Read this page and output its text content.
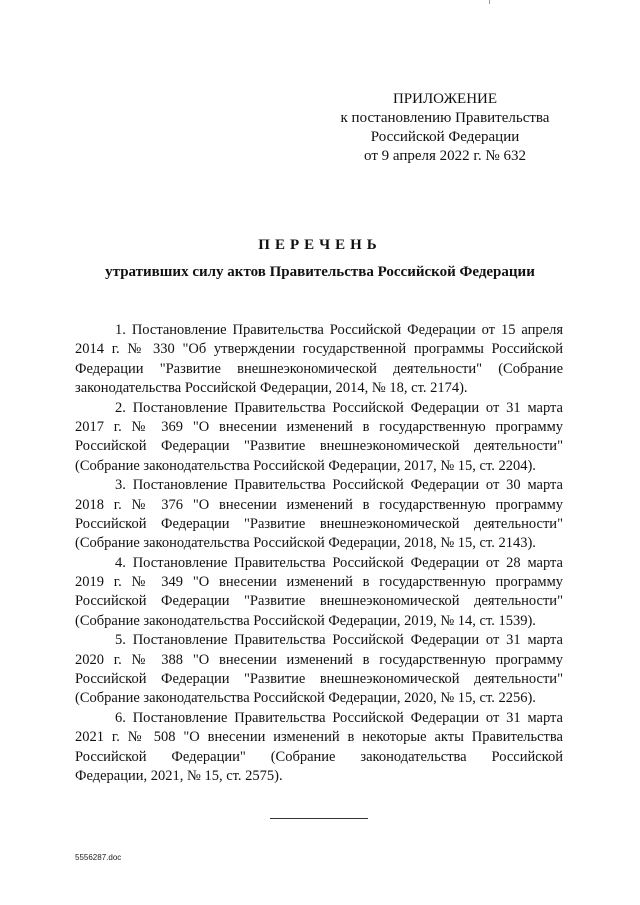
ПРИЛОЖЕНИЕ
к постановлению Правительства
Российской Федерации
от 9 апреля 2022 г. № 632
ПЕРЕЧЕНЬ
утративших силу актов Правительства Российской Федерации
1. Постановление Правительства Российской Федерации от 15 апреля
2014 г. № 330 "Об утверждении государственной программы Российской
Федерации "Развитие внешнеэкономической деятельности" (Собрание
законодательства Российской Федерации, 2014, № 18, ст. 2174).
2. Постановление Правительства Российской Федерации от 31 марта
2017 г. № 369 "О внесении изменений в государственную программу
Российской Федерации "Развитие внешнеэкономической деятельности"
(Собрание законодательства Российской Федерации, 2017, № 15, ст. 2204).
3. Постановление Правительства Российской Федерации от 30 марта
2018 г. № 376 "О внесении изменений в государственную программу
Российской Федерации "Развитие внешнеэкономической деятельности"
(Собрание законодательства Российской Федерации, 2018, № 15, ст. 2143).
4. Постановление Правительства Российской Федерации от 28 марта
2019 г. № 349 "О внесении изменений в государственную программу
Российской Федерации "Развитие внешнеэкономической деятельности"
(Собрание законодательства Российской Федерации, 2019, № 14, ст. 1539).
5. Постановление Правительства Российской Федерации от 31 марта
2020 г. № 388 "О внесении изменений в государственную программу
Российской Федерации "Развитие внешнеэкономической деятельности"
(Собрание законодательства Российской Федерации, 2020, № 15, ст. 2256).
6. Постановление Правительства Российской Федерации от 31 марта
2021 г. № 508 "О внесении изменений в некоторые акты Правительства
Российской Федерации" (Собрание законодательства Российской
Федерации, 2021, № 15, ст. 2575).
5556287.doc
